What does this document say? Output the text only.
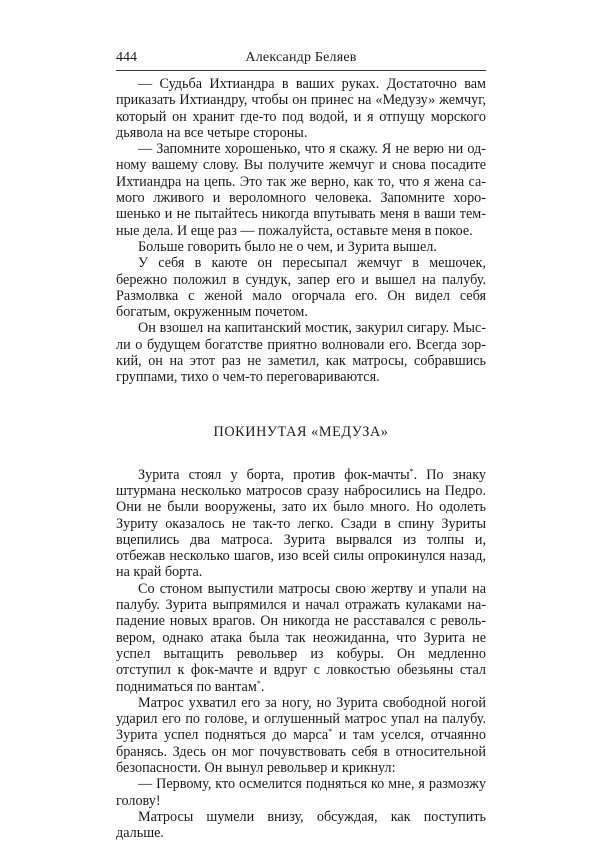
444	Александр Беляев

— Судьба Ихтиандра в ваших руках. Достаточно вам приказать Ихтиандру, чтобы он принес на «Медузу» жемчуг, который он хранит где-то под водой, и я отпущу морского дьявола на все четыре стороны.

— Запомните хорошенько, что я скажу. Я не верю ни одному вашему слову. Вы получите жемчуг и снова посадите Ихтиандра на цепь. Это так же верно, как то, что я жена самого лживого и вероломного человека. Запомните хорошенько и не пытайтесь никогда впутывать меня в ваши темные дела. И еще раз — пожалуйста, оставьте меня в покое.

Больше говорить было не о чем, и Зурита вышел.

У себя в каюте он пересыпал жемчуг в мешочек, бережно положил в сундук, запер его и вышел на палубу. Размолвка с женой мало огорчала его. Он видел себя богатым, окруженным почетом.

Он взошел на капитанский мостик, закурил сигару. Мысли о будущем богатстве приятно волновали его. Всегда зоркий, он на этот раз не заметил, как матросы, собравшись группами, тихо о чем-то переговариваются.

ПОКИНУТАЯ «МЕДУЗА»

Зурита стоял у борта, против фок-мачты*. По знаку штурмана несколько матросов сразу набросились на Педро. Они не были вооружены, зато их было много. Но одолеть Зуриту оказалось не так-то легко. Сзади в спину Зуриты вцепились два матроса. Зурита вырвался из толпы и, отбежав несколько шагов, изо всей силы опрокинулся назад, на край борта.

Со стоном выпустили матросы свою жертву и упали на палубу. Зурита выпрямился и начал отражать кулаками нападение новых врагов. Он никогда не расставался с револьвером, однако атака была так неожиданна, что Зурита не успел вытащить револьвер из кобуры. Он медленно отступил к фок-мачте и вдруг с ловкостью обезьяны стал подниматься по вантам*.

Матрос ухватил его за ногу, но Зурита свободной ногой ударил его по голове, и оглушенный матрос упал на палубу. Зурита успел подняться до марса* и там уселся, отчаянно бранясь. Здесь он мог почувствовать себя в относительной безопасности. Он вынул револьвер и крикнул:

— Первому, кто осмелится подняться ко мне, я размозжу голову!

Матросы шумели внизу, обсуждая, как поступить дальше.
